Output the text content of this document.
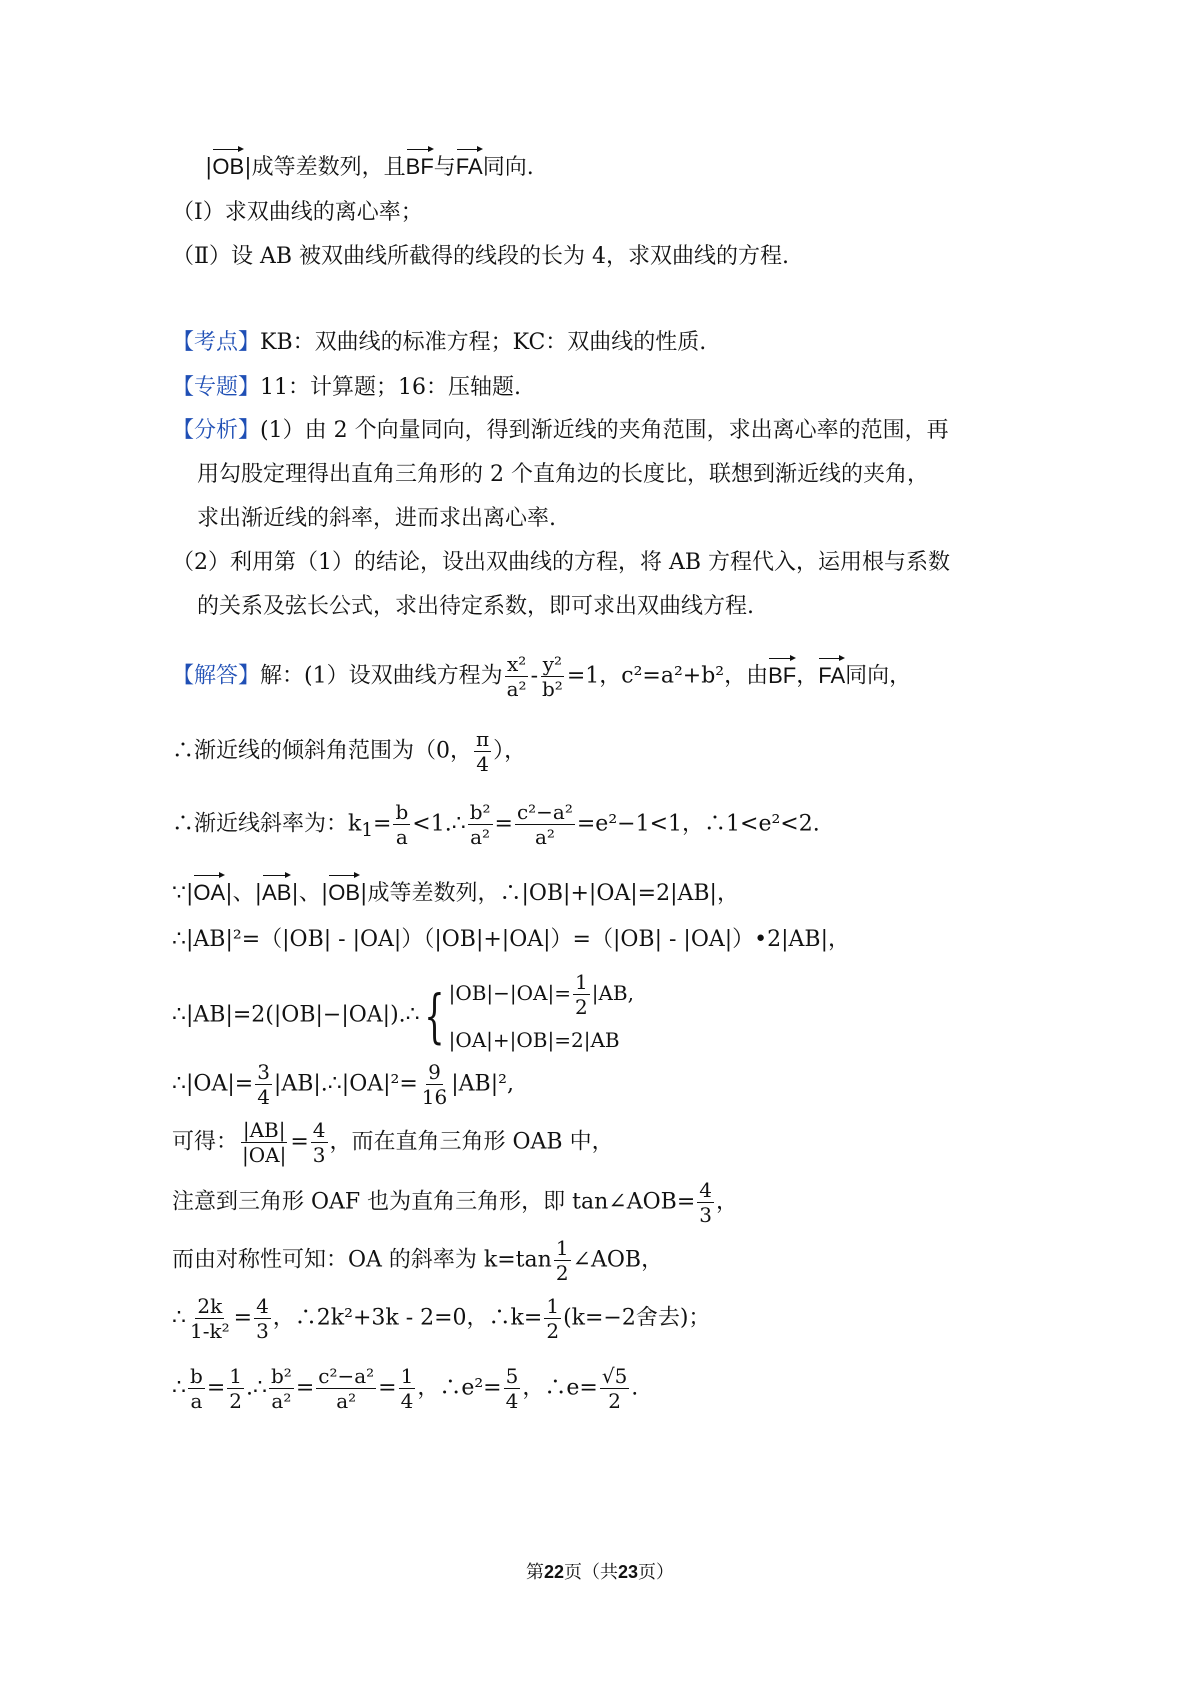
|OB|成等差数列，且BF与FA同向.
（Ⅰ）求双曲线的离心率；
（Ⅱ）设 AB 被双曲线所截得的线段的长为 4，求双曲线的方程.
【考点】KB：双曲线的标准方程；KC：双曲线的性质.
【专题】11：计算题；16：压轴题.
【分析】(1）由 2 个向量同向，得到渐近线的夹角范围，求出离心率的范围，再
用勾股定理得出直角三角形的 2 个直角边的长度比，联想到渐近线的夹角，
求出渐近线的斜率，进而求出离心率.
（2）利用第（1）的结论，设出双曲线的方程，将 AB 方程代入，运用根与系数
的关系及弦长公式，求出待定系数，即可求出双曲线方程.
【解答】解：(1）设双曲线方程为 $\frac{\text{x²}}{\text{a²}} - \frac{\text{y²}}{\text{b²}} =1$，c²=a²+b²，由BF，FA同向，
∴渐近线的倾斜角范围为（0， $\frac{\pi}{4}$ ），
∴渐近线斜率为：$k_1= \frac{b}{a}$ <1.∴ $\frac{\text{b²}}{\text{a²}} = \frac{\text{c²−a²}}{\text{a²}} =e^2-1<1$，∴1<e²<2.
∵|OA|、|AB|、|OB|成等差数列，∴|OB|+|OA|=2|AB|，
∴|AB|²=（|OB| - |OA|）（|OB|+|OA|）=（|OB| - |OA|）•2|AB|，
∴|AB|=2(|OB|−|OA|).∴{ $|OB|-|OA|= \frac{1}{2} |AB$,
|OA|+|OB|=2|AB
∴|OA|= $\frac{3}{4}$ |AB|.∴|OA|²= $\frac{9}{16} |AB|^2$,
可得： $\frac{|AB|}{|OA|} = \frac{4}{3}$ ，而在直角三角形 OAB 中，
注意到三角形 OAF 也为直角三角形，即 tan∠AOB= $\frac{4}{3}$ ，
而由对称性可知：OA 的斜率为 $k=\tan \frac{1}{2}$ ∠AOB，
∴ $\frac{2k}{\text{1-k²}} = \frac{4}{3}$ ，∴2k²+3k - 2=0，∴k= $\frac{1}{2} (k=-2$舍去)；
∴ $\frac{b}{a} = \frac{1}{2}$ .∴ $\frac{\text{b²}}{\text{a²}} = \frac{\text{c²−a²}}{\text{a²}} = \frac{1}{4}$ ，∴e²= $\frac{5}{4}$ ，∴e= $\frac{√5}{2}$ .
第22页（共23页）
